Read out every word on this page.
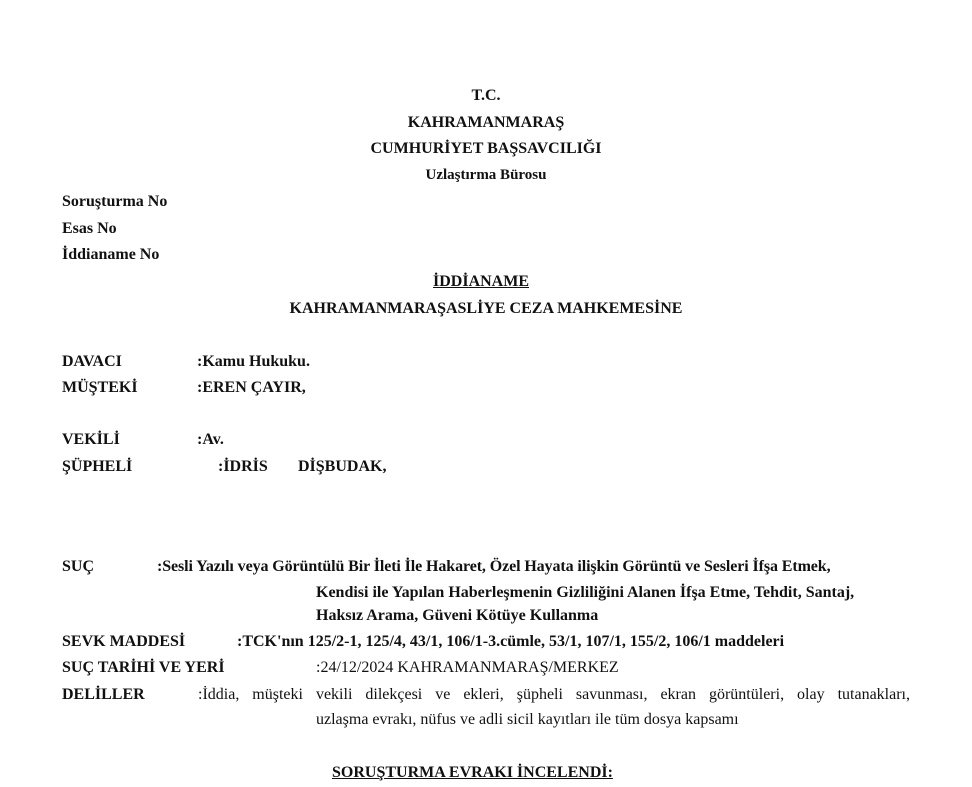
T.C.
KAHRAMANMARAŞ
CUMHURİYET BAŞSAVCILIĞI
Uzlaştırma Bürosu
Soruşturma No
Esas No
İddianame No
İDDİANAME
KAHRAMANMARAŞASLİYE CEZA MAHKEMESİNE
DAVACI	:Kamu Hukuku.
MÜŞTEKİ	:EREN ÇAYIR,
VEKİLİ	:Av.
ŞÜPHELİ	:İDRİS DİŞBUDAK,
SUÇ	:Sesli Yazılı veya Görüntülü Bir İleti İle Hakaret, Özel Hayata ilişkin Görüntü ve Sesleri İfşa Etmek,
Kendisi ile Yapılan Haberleşmenin Gizliliğini Alanen İfşa Etme, Tehdit, Santaj,
Haksız Arama, Güveni Kötüye Kullanma
SEVK MADDESİ	:TCK'nın 125/2-1, 125/4, 43/1, 106/1-3.cümle, 53/1, 107/1, 155/2, 106/1 maddeleri
SUÇ TARİHİ VE YERİ	:24/12/2024 KAHRAMANMARAŞ/MERKEZ
DELİLLER	:İddia, müşteki vekili dilekçesi ve ekleri, şüpheli savunması, ekran görüntüleri, olay tutanakları,
uzlaşma evrakı, nüfus ve adli sicil kayıtları ile tüm dosya kapsamı
SORUŞTURMA EVRAKI İNCELENDİ:
